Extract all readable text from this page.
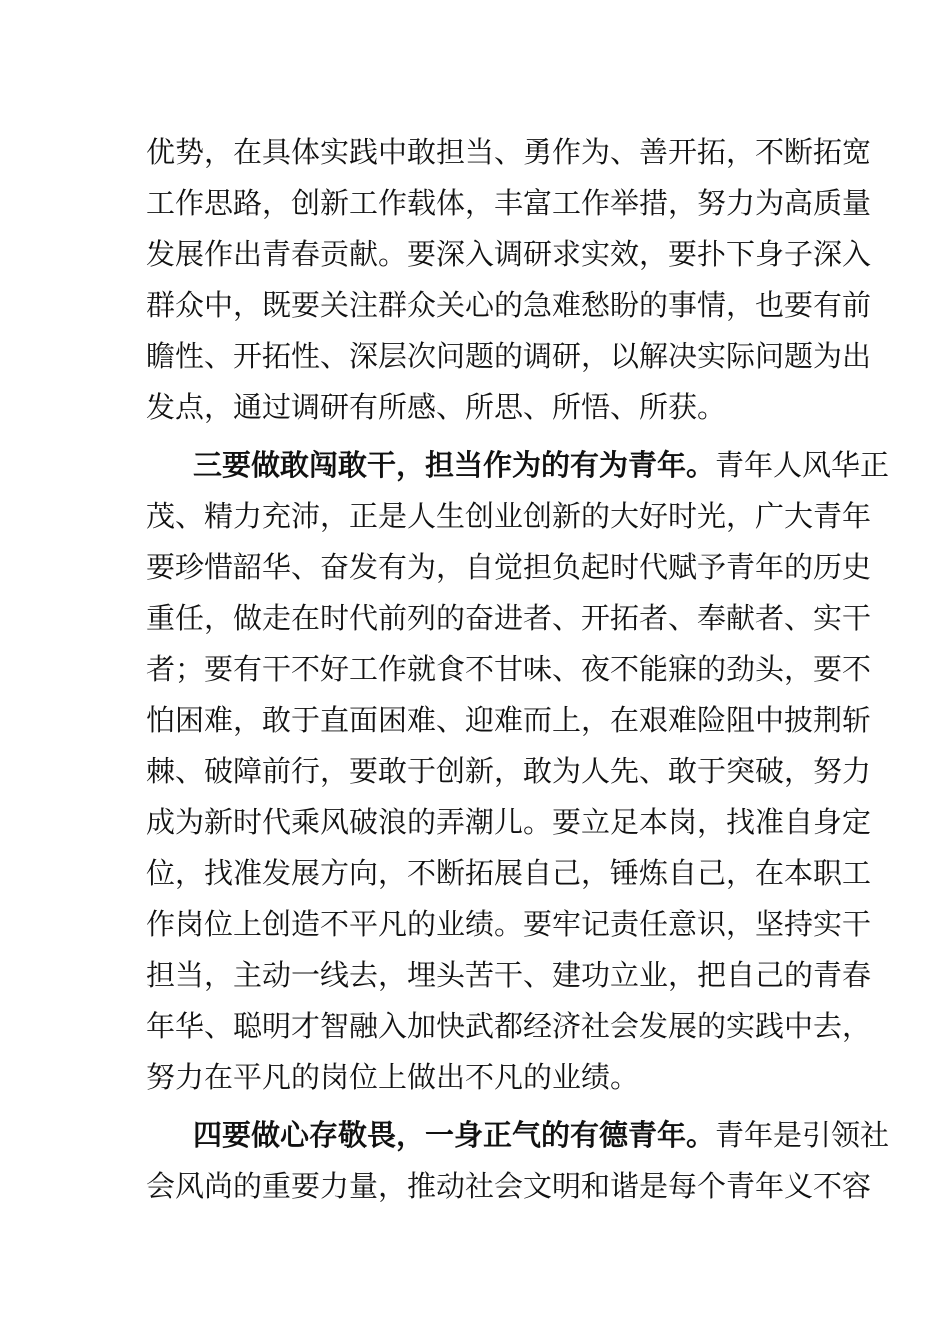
优势，在具体实践中敢担当、勇作为、善开拓，不断拓宽
工作思路，创新工作载体，丰富工作举措，努力为高质量
发展作出青春贡献。要深入调研求实效，要扑下身子深入
群众中，既要关注群众关心的急难愁盼的事情，也要有前
瞻性、开拓性、深层次问题的调研，以解决实际问题为出
发点，通过调研有所感、所思、所悟、所获。
三要做敢闯敢干，担当作为的有为青年。青年人风华正
茂、精力充沛，正是人生创业创新的大好时光，广大青年
要珍惜韶华、奋发有为，自觉担负起时代赋予青年的历史
重任，做走在时代前列的奋进者、开拓者、奉献者、实干
者；要有干不好工作就食不甘味、夜不能寐的劲头，要不
怕困难，敢于直面困难、迎难而上，在艰难险阻中披荆斩
棘、破障前行，要敢于创新，敢为人先、敢于突破，努力
成为新时代乘风破浪的弄潮儿。要立足本岗，找准自身定
位，找准发展方向，不断拓展自己，锤炼自己，在本职工
作岗位上创造不平凡的业绩。要牢记责任意识，坚持实干
担当，主动一线去，埋头苦干、建功立业，把自己的青春
年华、聪明才智融入加快武都经济社会发展的实践中去，
努力在平凡的岗位上做出不凡的业绩。
四要做心存敬畏，一身正气的有德青年。青年是引领社
会风尚的重要力量，推动社会文明和谐是每个青年义不容
